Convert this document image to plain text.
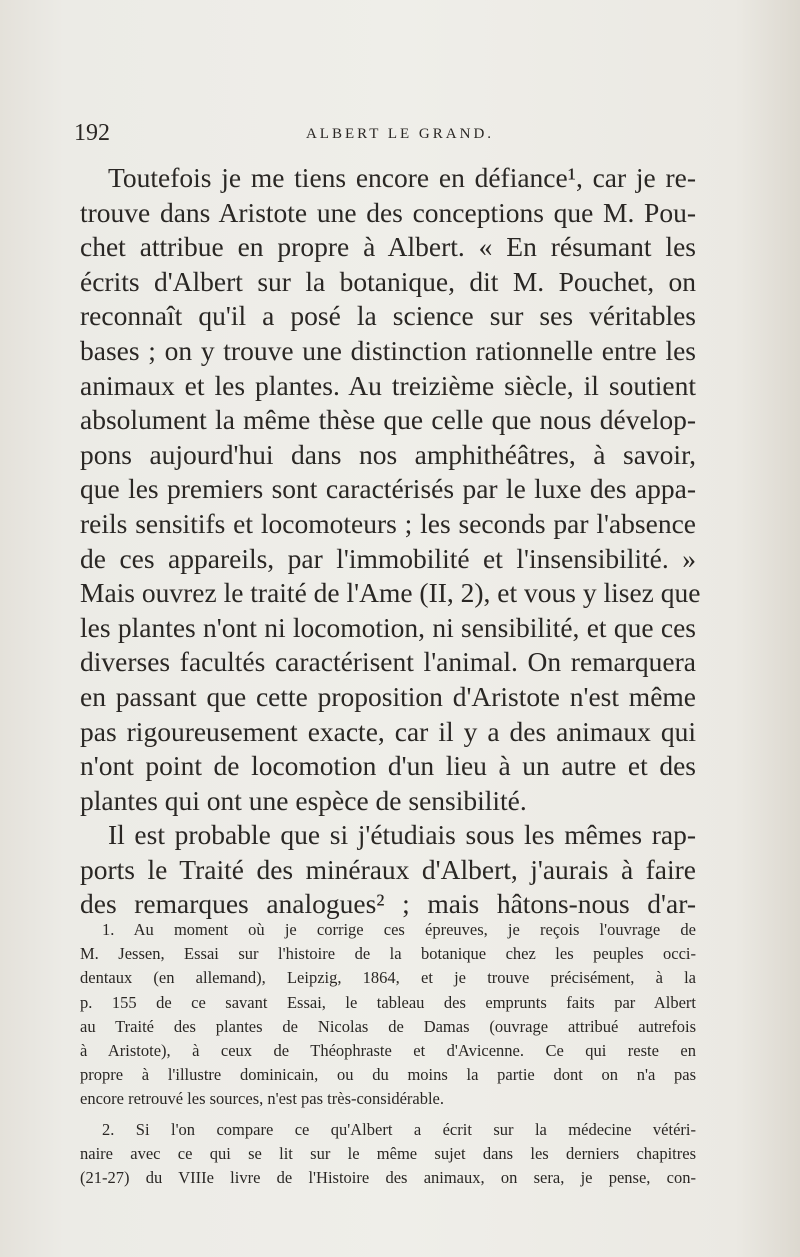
192	ALBERT LE GRAND.
Toutefois je me tiens encore en défiance¹, car je re-
trouve dans Aristote une des conceptions que M. Pou-
chet attribue en propre à Albert. « En résumant les
écrits d'Albert sur la botanique, dit M. Pouchet, on
reconnaît qu'il a posé la science sur ses véritables
bases ; on y trouve une distinction rationnelle entre les
animaux et les plantes. Au treizième siècle, il soutient
absolument la même thèse que celle que nous dévelop-
pons aujourd'hui dans nos amphithéâtres, à savoir,
que les premiers sont caractérisés par le luxe des appa-
reils sensitifs et locomoteurs ; les seconds par l'absence
de ces appareils, par l'immobilité et l'insensibilité. »
Mais ouvrez le traité de l'Ame (II, 2), et vous y lisez que
les plantes n'ont ni locomotion, ni sensibilité, et que ces
diverses facultés caractérisent l'animal. On remarquera
en passant que cette proposition d'Aristote n'est même
pas rigoureusement exacte, car il y a des animaux qui
n'ont point de locomotion d'un lieu à un autre et des
plantes qui ont une espèce de sensibilité.
Il est probable que si j'étudiais sous les mêmes rap-
ports le Traité des minéraux d'Albert, j'aurais à faire
des remarques analogues² ; mais hâtons-nous d'ar-
1. Au moment où je corrige ces épreuves, je reçois l'ouvrage de
M. Jessen, Essai sur l'histoire de la botanique chez les peuples occi-
dentaux (en allemand), Leipzig, 1864, et je trouve précisément, à la
p. 155 de ce savant Essai, le tableau des emprunts faits par Albert
au Traité des plantes de Nicolas de Damas (ouvrage attribué autrefois
à Aristote), à ceux de Théophraste et d'Avicenne. Ce qui reste en
propre à l'illustre dominicain, ou du moins la partie dont on n'a pas
encore retrouvé les sources, n'est pas très-considérable.
2. Si l'on compare ce qu'Albert a écrit sur la médecine vétéri-
naire avec ce qui se lit sur le même sujet dans les derniers chapitres
(21-27) du VIIIe livre de l'Histoire des animaux, on sera, je pense, con-
